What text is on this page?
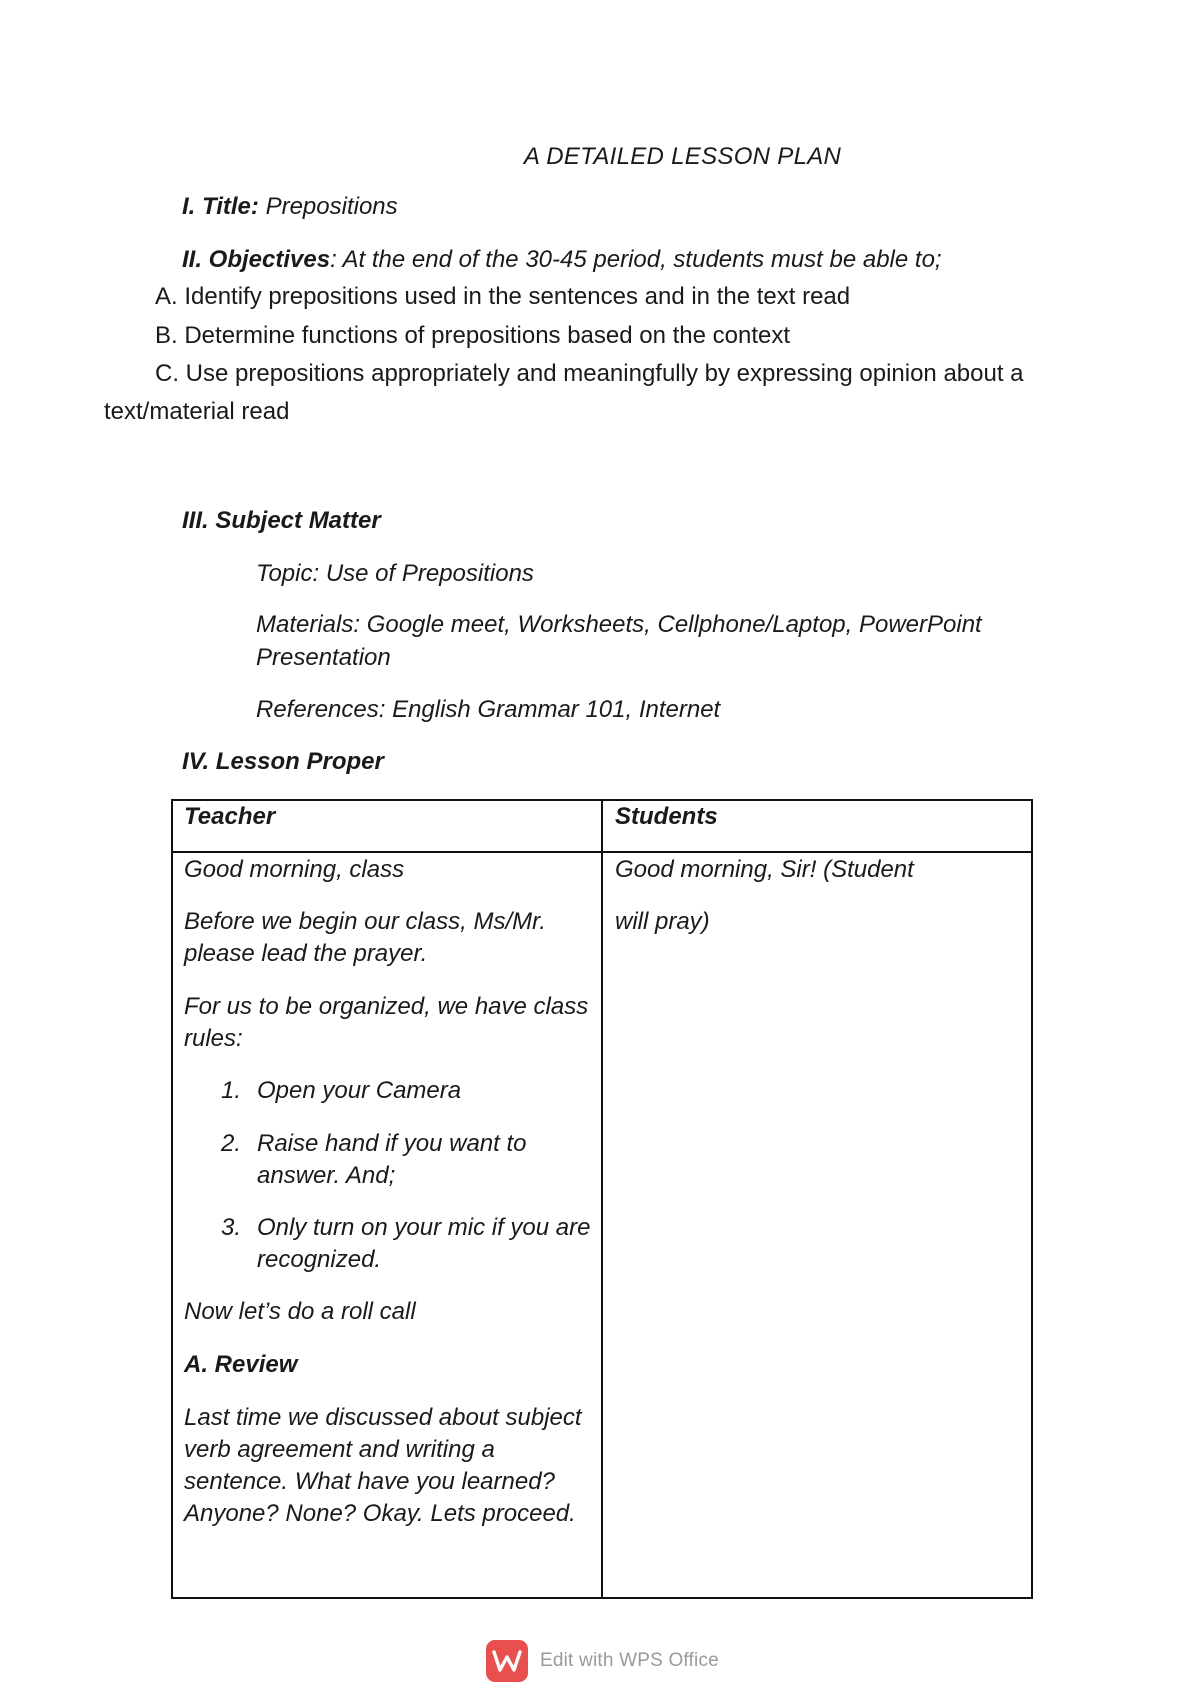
A DETAILED LESSON PLAN
I. Title: Prepositions
II. Objectives: At the end of the 30-45 period, students must be able to;
A. Identify prepositions used in the sentences and in the text read
B. Determine functions of prepositions based on the context
C. Use prepositions appropriately and meaningfully by expressing opinion about a
text/material read
III. Subject Matter
Topic: Use of Prepositions
Materials: Google meet, Worksheets, Cellphone/Laptop, PowerPoint
Presentation
References: English Grammar 101, Internet
IV. Lesson Proper
Teacher	Students
Good morning, class
Before we begin our class, Ms/Mr.
please lead the prayer.
For us to be organized, we have class
rules:
1. Open your Camera
2. Raise hand if you want to
answer. And;
3. Only turn on your mic if you are
recognized.
Now let’s do a roll call
A. Review
Last time we discussed about subject
verb agreement and writing a
sentence. What have you learned?
Anyone? None? Okay. Lets proceed.
Good morning, Sir! (Student
will pray)
Edit with WPS Office
